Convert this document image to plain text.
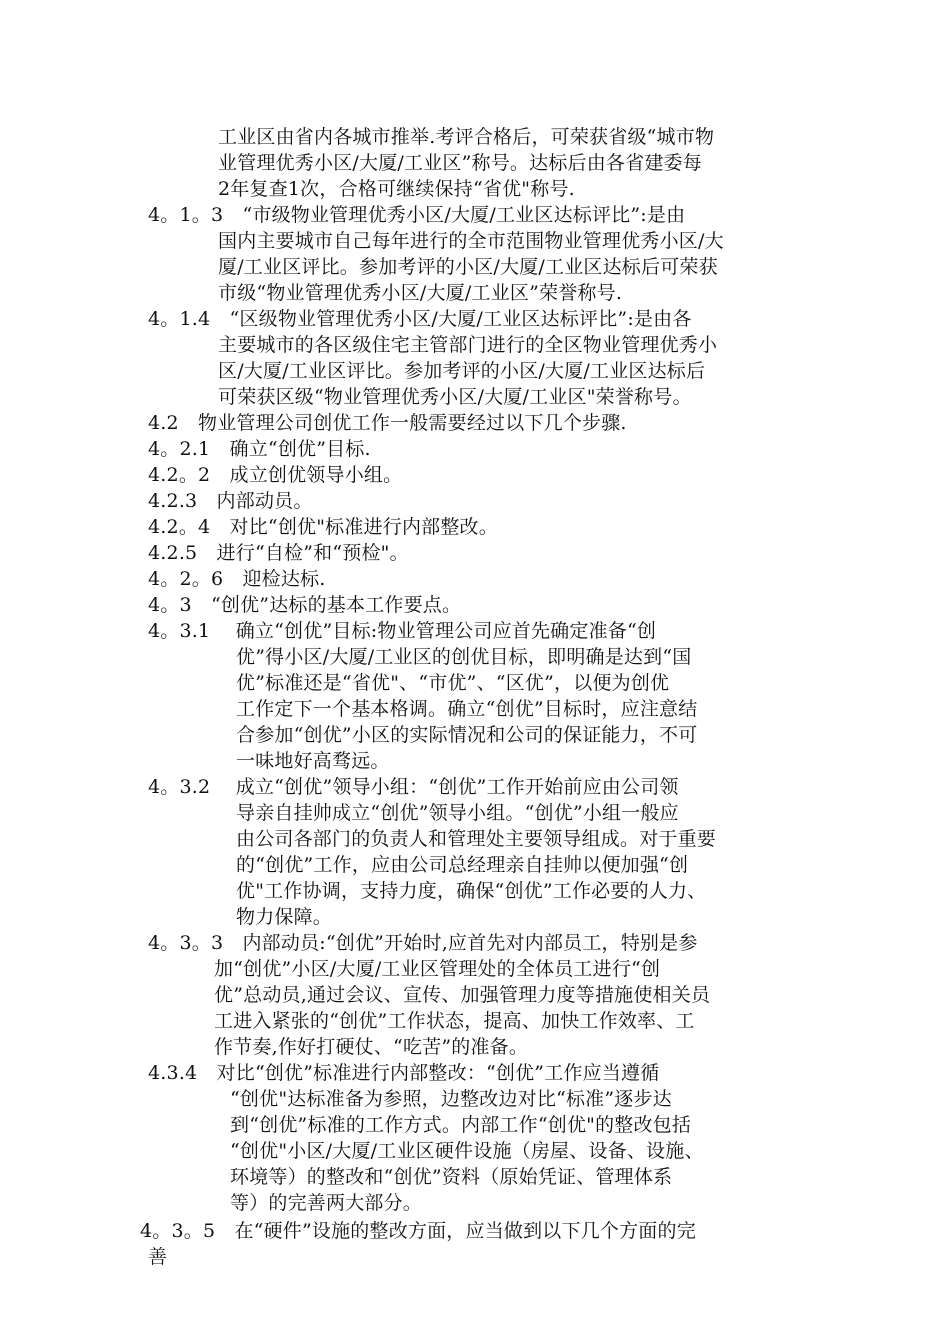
工业区由省内各城市推举.考评合格后，可荣获省级“城市物
业管理优秀小区/大厦/工业区”称号。达标后由各省建委每
2年复查1次，合格可继续保持“省优"称号.
4。1。3　“市级物业管理优秀小区/大厦/工业区达标评比”:是由
国内主要城市自己每年进行的全市范围物业管理优秀小区/大
厦/工业区评比。参加考评的小区/大厦/工业区达标后可荣获
市级“物业管理优秀小区/大厦/工业区”荣誉称号.
4。1.4　“区级物业管理优秀小区/大厦/工业区达标评比”:是由各
主要城市的各区级住宅主管部门进行的全区物业管理优秀小
区/大厦/工业区评比。参加考评的小区/大厦/工业区达标后
可荣获区级“物业管理优秀小区/大厦/工业区"荣誉称号。
4.2　物业管理公司创优工作一般需要经过以下几个步骤.
4。2.1　确立“创优”目标.
4.2。2　成立创优领导小组。
4.2.3　内部动员。
4.2。4　对比“创优"标准进行内部整改。
4.2.5　进行“自检”和“预检"。
4。2。6　迎检达标.
4。3　“创优”达标的基本工作要点。
4。3.1　 确立“创优”目标:物业管理公司应首先确定准备“创
优”得小区/大厦/工业区的创优目标，即明确是达到“国
优”标准还是“省优"、“市优”、“区优”，以便为创优
工作定下一个基本格调。确立“创优”目标时，应注意结
合参加“创优”小区的实际情况和公司的保证能力，不可
一味地好高骛远。
4。3.2　 成立“创优”领导小组：“创优”工作开始前应由公司领
导亲自挂帅成立“创优”领导小组。“创优”小组一般应
由公司各部门的负责人和管理处主要领导组成。对于重要
的“创优”工作，应由公司总经理亲自挂帅以便加强“创
优"工作协调，支持力度，确保“创优”工作必要的人力、
物力保障。
4。3。3　内部动员:“创优”开始时,应首先对内部员工，特别是参
加“创优”小区/大厦/工业区管理处的全体员工进行“创
优”总动员,通过会议、宣传、加强管理力度等措施使相关员
工进入紧张的“创优”工作状态，提高、加快工作效率、工
作节奏,作好打硬仗、“吃苦”的准备。
4.3.4　对比“创优”标准进行内部整改：“创优”工作应当遵循
“创优"达标准备为参照，边整改边对比“标准”逐步达
到“创优”标准的工作方式。内部工作“创优"的整改包括
“创优"小区/大厦/工业区硬件设施（房屋、设备、设施、
环境等）的整改和“创优”资料（原始凭证、管理体系
等）的完善两大部分。
4。3。5　在“硬件”设施的整改方面，应当做到以下几个方面的完
善
